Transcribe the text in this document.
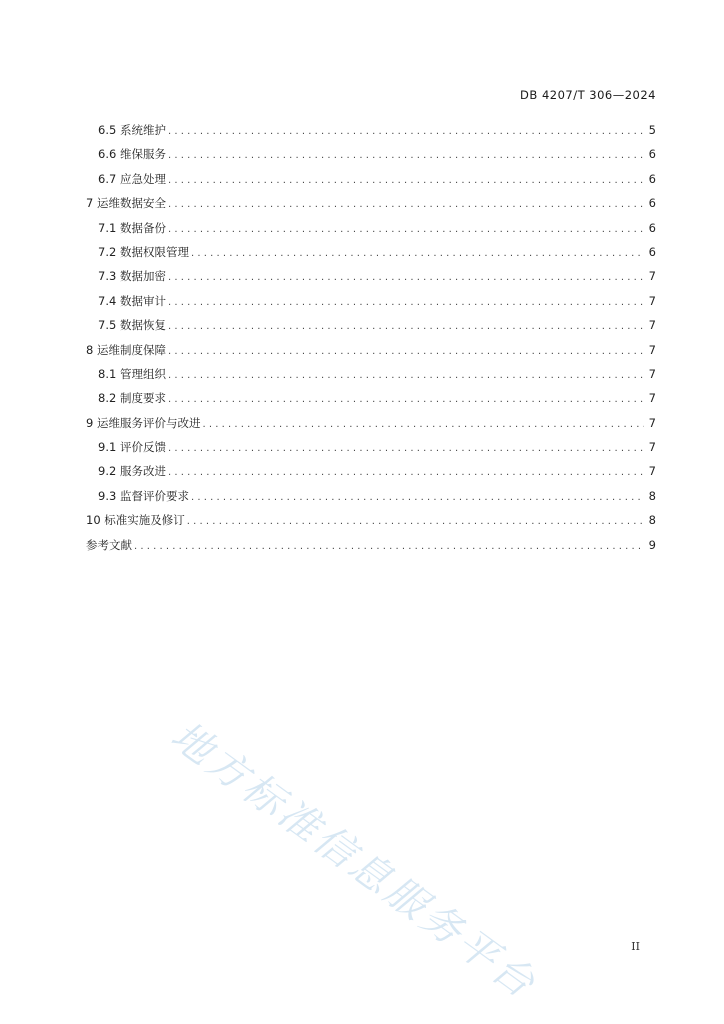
DB 4207/T 306—2024
6.5 系统维护 .....	5
6.6 维保服务 .....	6
6.7 应急处理 .....	6
7 运维数据安全 .....	6
7.1 数据备份 .....	6
7.2 数据权限管理 .....	6
7.3 数据加密 .....	7
7.4 数据审计 .....	7
7.5 数据恢复 .....	7
8 运维制度保障 .....	7
8.1 管理组织 .....	7
8.2 制度要求 .....	7
9 运维服务评价与改进 .....	7
9.1 评价反馈 .....	7
9.2 服务改进 .....	7
9.3 监督评价要求 .....	8
10 标准实施及修订 .....	8
参考文献 .....	9
地方标准信息服务平台	II
